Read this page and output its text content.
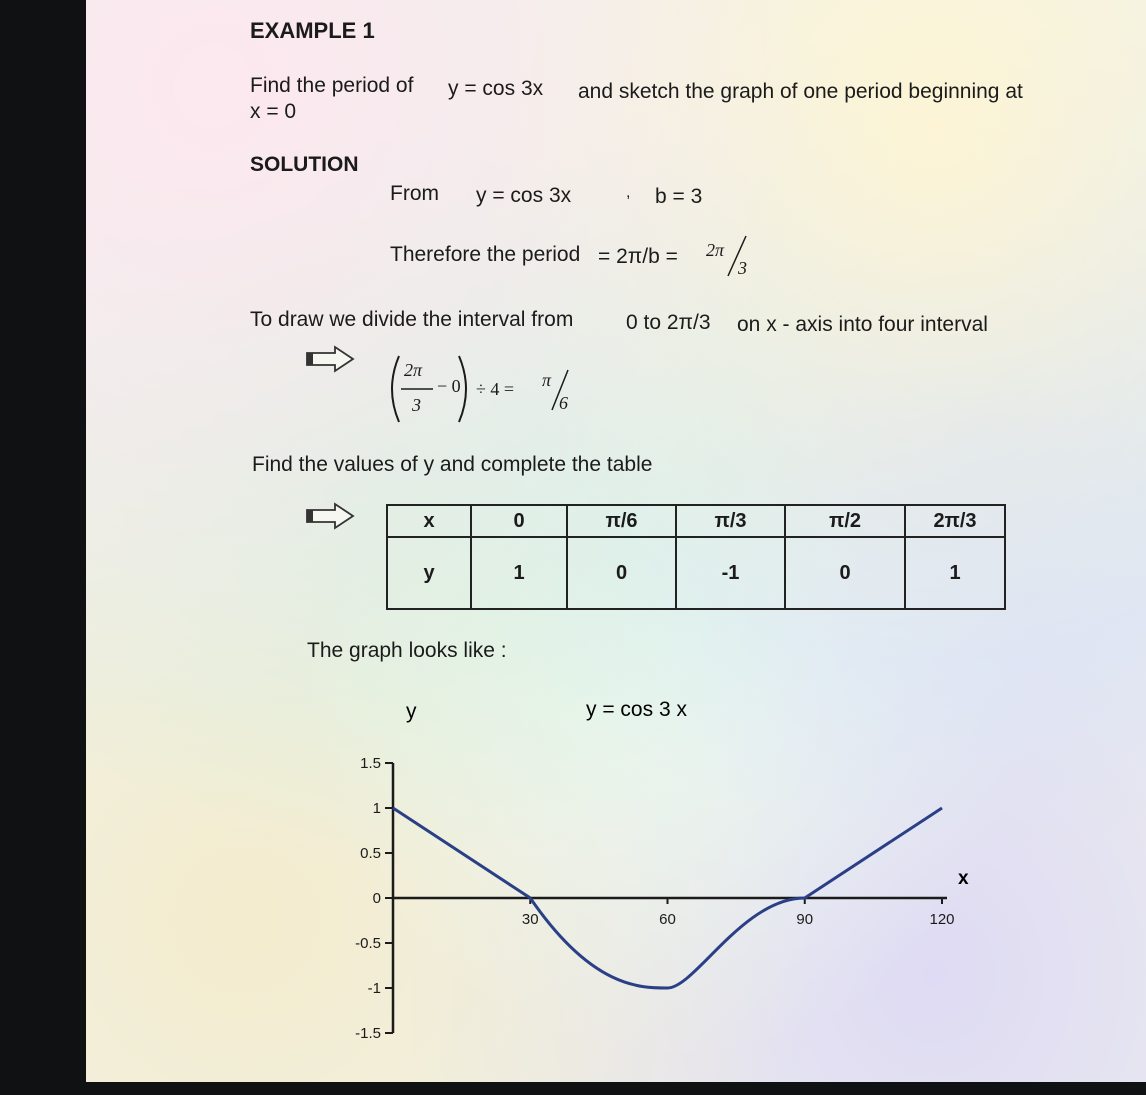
EXAMPLE 1
Find the period of y = cos 3x and sketch the graph of one period beginning at
x = 0
SOLUTION
From y = cos 3x	, b = 3
Therefore the period = 2π/b = 2π
3
To draw we divide the interval from	0 to 2π/3 on x - axis into four interval
2π
3
− 0 ÷ 4 = π
6
Find the values of y and complete the table
x	0	π/6	π/3	π/2	2π/3
y	1	0	-1	0	1
The graph looks like :
y	y = cos 3 x
x
1.5
1
0.5
0
-0.5
-1
-1.5
30	60	90	120
